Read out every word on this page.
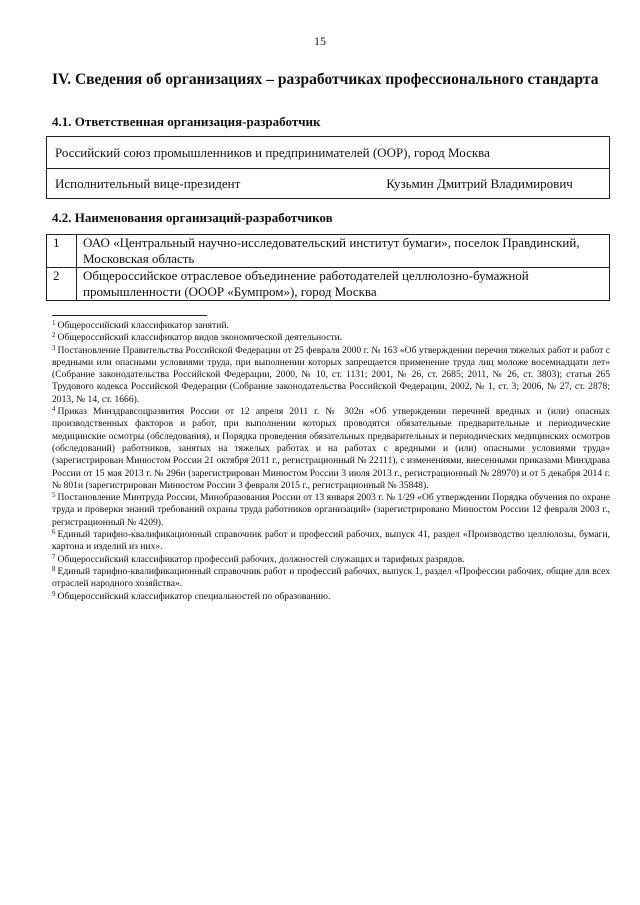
15
IV. Сведения об организациях – разработчиках профессионального стандарта
4.1. Ответственная организация-разработчик
Российский союз промышленников и предпринимателей (ООР), город Москва
Исполнительный вице-президент	Кузьмин Дмитрий Владимирович
4.2. Наименования организаций-разработчиков
1	ОАО «Центральный научно-исследовательский институт бумаги», поселок Правдинский, Московская область
2	Общероссийское отраслевое объединение работодателей целлюлозно-бумажной промышленности (ОООР «Бумпром»), город Москва

$^1$ Общероссийский классификатор занятий.

$^2$ Общероссийский классификатор видов экономической деятельности.

$^3$ Постановление Правительства Российской Федерации от 25 февраля 2000 г. № 163 «Об утверждении перечня тяжелых работ и работ с вредными или опасными условиями труда, при выполнении которых запрещается применение труда лиц моложе восемнадцати лет» (Собрание законодательства Российской Федерации, 2000, № 10, ст. 1131; 2001, № 26, ст. 2685; 2011, № 26, ст. 3803); статья 265 Трудового кодекса Российской Федерации (Собрание законодательства Российской Федерации, 2002, № 1, ст. 3; 2006, № 27, ст. 2878; 2013, № 14, ст. 1666).

$^4$ Приказ Минздравсоцразвития России от 12 апреля 2011 г. № 302н «Об утверждении перечней вредных и (или) опасных производственных факторов и работ, при выполнении которых проводятся обязательные предварительные и периодические медицинские осмотры (обследования), и Порядка проведения обязательных предварительных и периодических медицинских осмотров (обследований) работников, занятых на тяжелых работах и на работах с вредными и (или) опасными условиями труда» (зарегистрирован Минюстом России 21 октября 2011 г., регистрационный № 22111), с изменениями, внесенными приказами Минздрава России от 15 мая 2013 г. № 296н (зарегистрирован Минюстом России 3 июля 2013 г., регистрационный № 28970) и от 5 декабря 2014 г. № 801н (зарегистрирован Минюстом России 3 февраля 2015 г., регистрационный № 35848).

$^5$ Постановление Минтруда России, Минобразования России от 13 января 2003 г. № 1/29 «Об утверждении Порядка обучения по охране труда и проверки знаний требований охраны труда работников организаций» (зарегистрировано Минюстом России 12 февраля 2003 г., регистрационный № 4209).

$^6$ Единый тарифно-квалификационный справочник работ и профессий рабочих, выпуск 41, раздел «Производство целлюлозы, бумаги, картона и изделий из них».

$^7$ Общероссийский классификатор профессий рабочих, должностей служащих и тарифных разрядов.

$^8$ Единый тарифно-квалификационный справочник работ и профессий рабочих, выпуск 1, раздел «Профессии рабочих, общие для всех отраслей народного хозяйства».

$^9$ Общероссийский классификатор специальностей по образованию.
